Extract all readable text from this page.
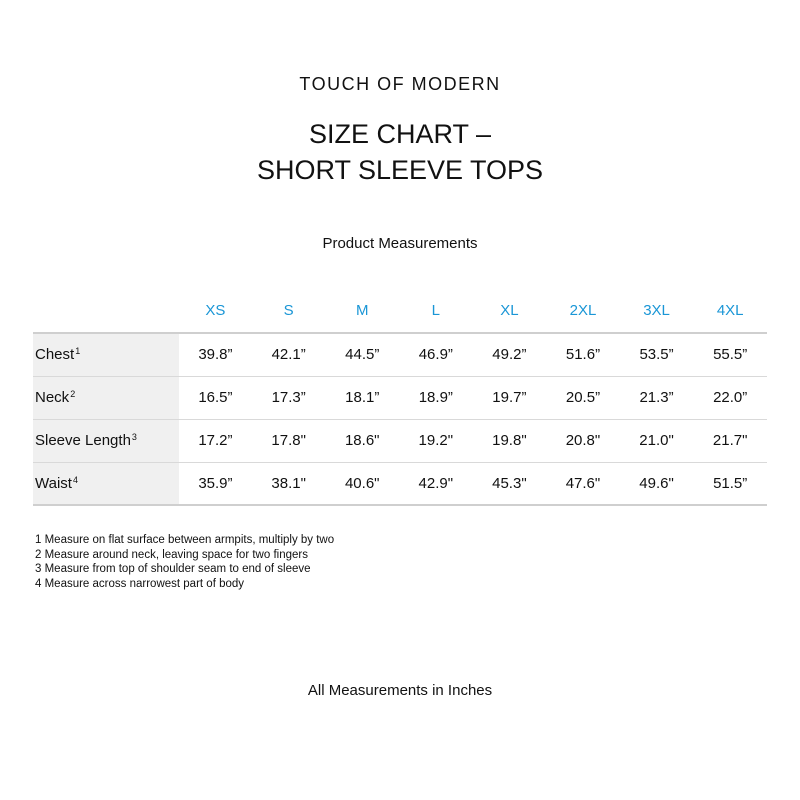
TOUCH OF MODERN
SIZE CHART –
SHORT SLEEVE TOPS
Product Measurements
	XS	S	M	L	XL	2XL	3XL	4XL
Chest$^1$	39.8”	42.1”	44.5”	46.9”	49.2”	51.6”	53.5”	55.5”
Neck$^2$	16.5”	17.3”	18.1”	18.9”	19.7”	20.5”	21.3”	22.0”
Sleeve Length$^3$	17.2”	17.8"	18.6"	19.2"	19.8"	20.8"	21.0"	21.7"
Waist$^4$	35.9”	38.1"	40.6"	42.9"	45.3"	47.6"	49.6"	51.5”
1 Measure on flat surface between armpits, multiply by two
2 Measure around neck, leaving space for two fingers
3 Measure from top of shoulder seam to end of sleeve
4 Measure across narrowest part of body
All Measurements in Inches
